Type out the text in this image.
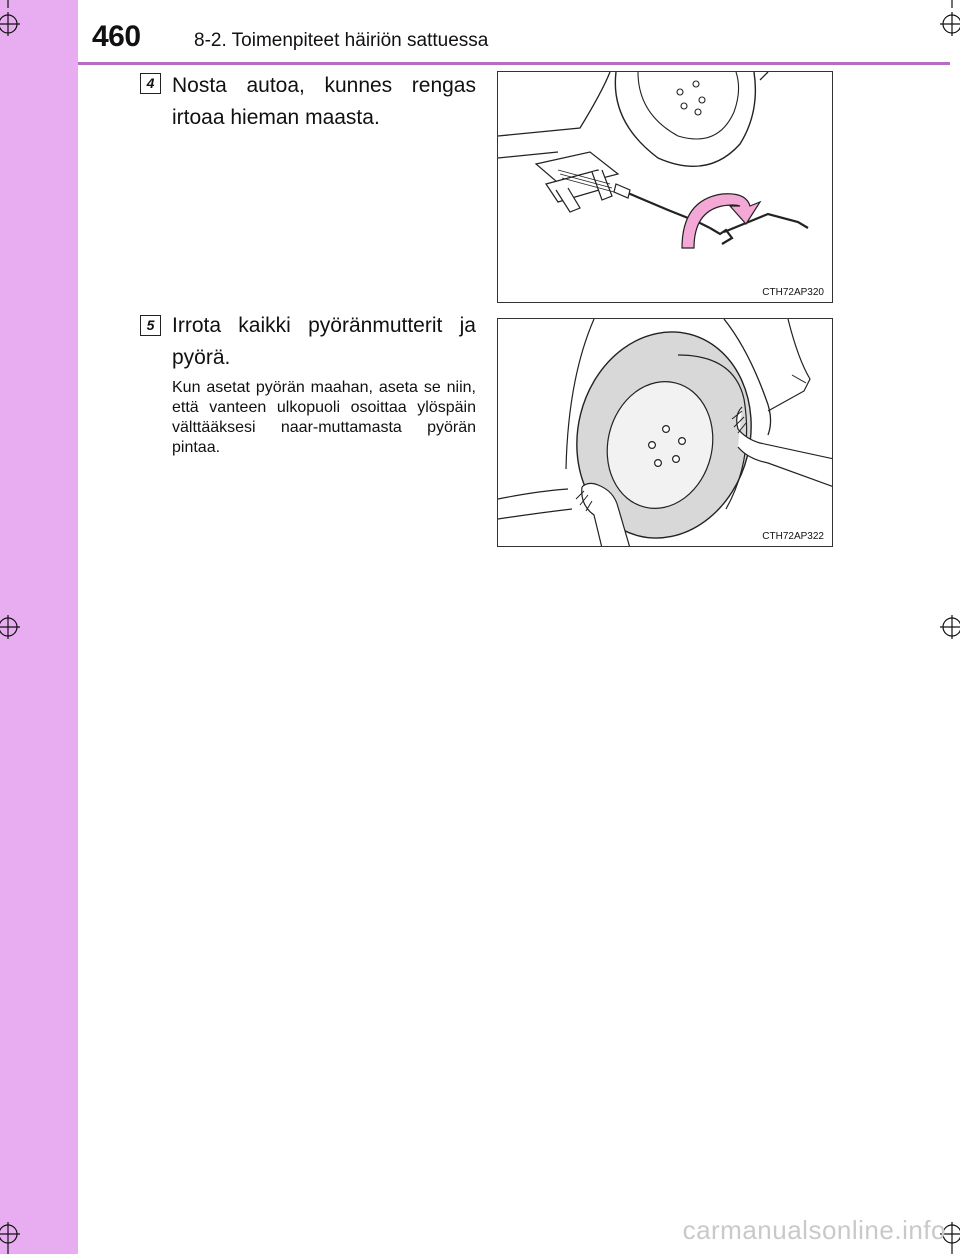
460	8-2. Toimenpiteet häiriön sattuessa
4 Nosta autoa, kunnes rengas irtoaa hieman maasta.
CTH72AP320
5 Irrota kaikki pyöränmutterit ja pyörä.
Kun asetat pyörän maahan, aseta se niin, että vanteen ulkopuoli osoittaa ylöspäin välttääksesi naar-muttamasta pyörän pintaa.
CTH72AP322
carmanualsonline.info
